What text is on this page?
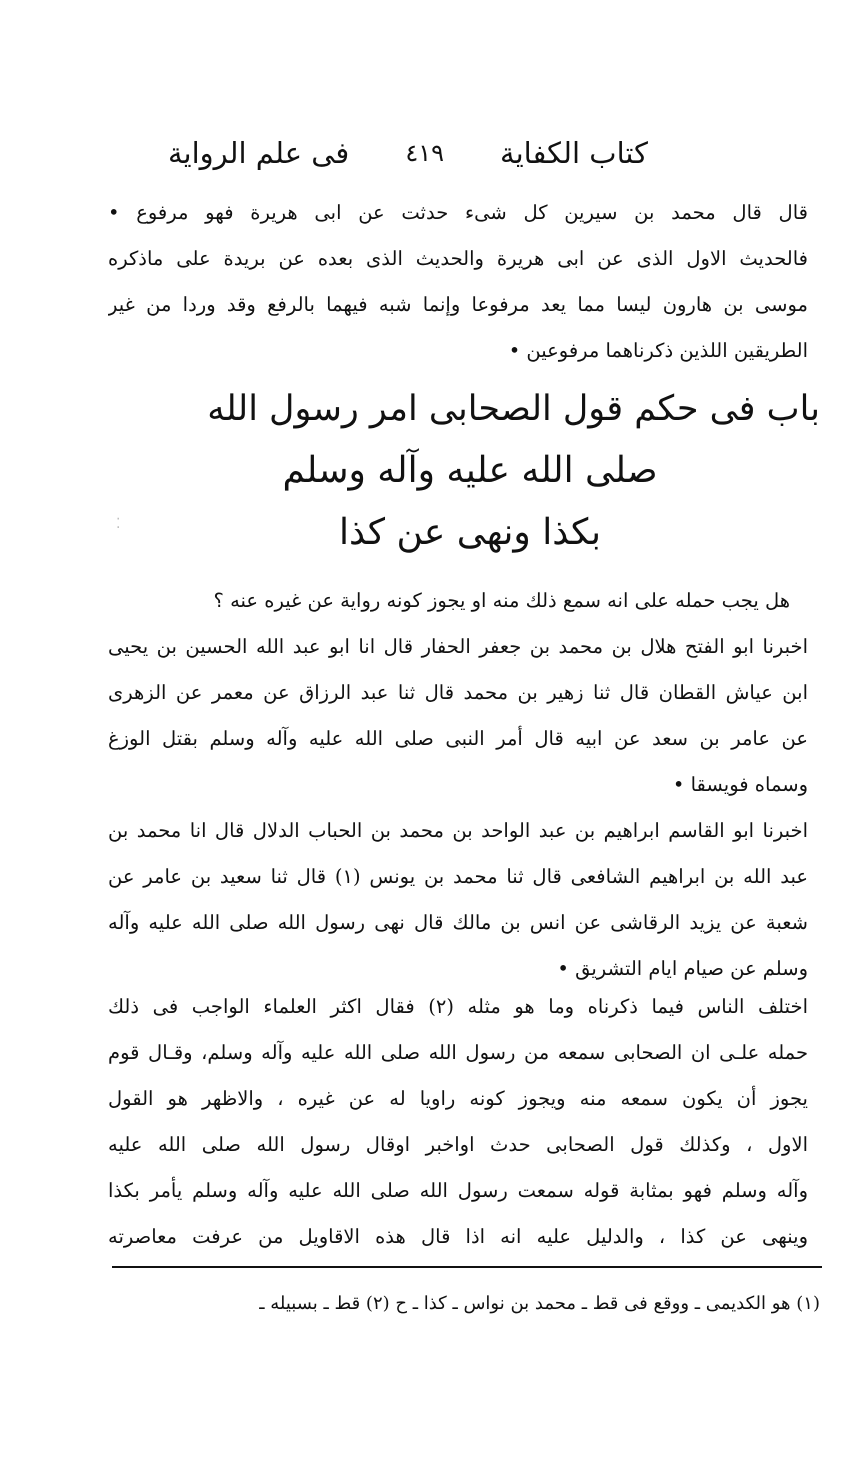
كتاب الكفاية
٤١٩
فى علم الرواية
قال قال محمد بن سيرين كل شىء حدثت عن ابى هريرة فهو مرفوع •
فالحديث الاول الذى عن ابى هريرة والحديث الذى بعده عن بريدة على ماذكره
موسى بن هارون ليسا مما يعد مرفوعا وإنما شبه فيهما بالرفع وقد وردا من غير
الطريقين اللذين ذكرناهما مرفوعين •
باب فى حكم قول الصحابى امر رسول الله
صلى الله عليه وآله وسلم
بكذا ونهى عن كذا
⁚
هل يجب حمله على انه سمع ذلك منه او يجوز كونه رواية عن غيره عنه ؟
اخبرنا ابو الفتح هلال بن محمد بن جعفر الحفار قال انا ابو عبد الله الحسين بن يحيى
ابن عياش القطان قال ثنا زهير بن محمد قال ثنا عبد الرزاق عن معمر عن الزهرى
عن عامر بن سعد عن ابيه قال أمر النبى صلى الله عليه وآله وسلم بقتل الوزغ
وسماه فويسقا •
اخبرنا ابو القاسم ابراهيم بن عبد الواحد بن محمد بن الحباب الدلال قال انا محمد بن
عبد الله بن ابراهيم الشافعى قال ثنا محمد بن يونس (١) قال ثنا سعيد بن عامر عن
شعبة عن يزيد الرقاشى عن انس بن مالك قال نهى رسول الله صلى الله عليه وآله
وسلم عن صيام ايام التشريق •
اختلف الناس فيما ذكرناه وما هو مثله (٢) فقال اكثر العلماء الواجب فى ذلك
حمله علـى ان الصحابى سمعه من رسول الله صلى الله عليه وآله وسلم، وقـال قوم
يجوز أن يكون سمعه منه ويجوز كونه راويا له عن غيره ، والاظهر هو القول
الاول ، وكذلك قول الصحابى حدث اواخبر اوقال رسول الله صلى الله عليه
وآله وسلم فهو بمثابة قوله سمعت رسول الله صلى الله عليه وآله وسلم يأمر بكذا
وينهى عن كذا ، والدليل عليه انه اذا قال هذه الاقاويل من عرفت معاصرته
(١) هو الكديمى ـ ووقع فى قط ـ محمد بن نواس ـ كذا ـ ح (٢) قط ـ بسبيله ـ
